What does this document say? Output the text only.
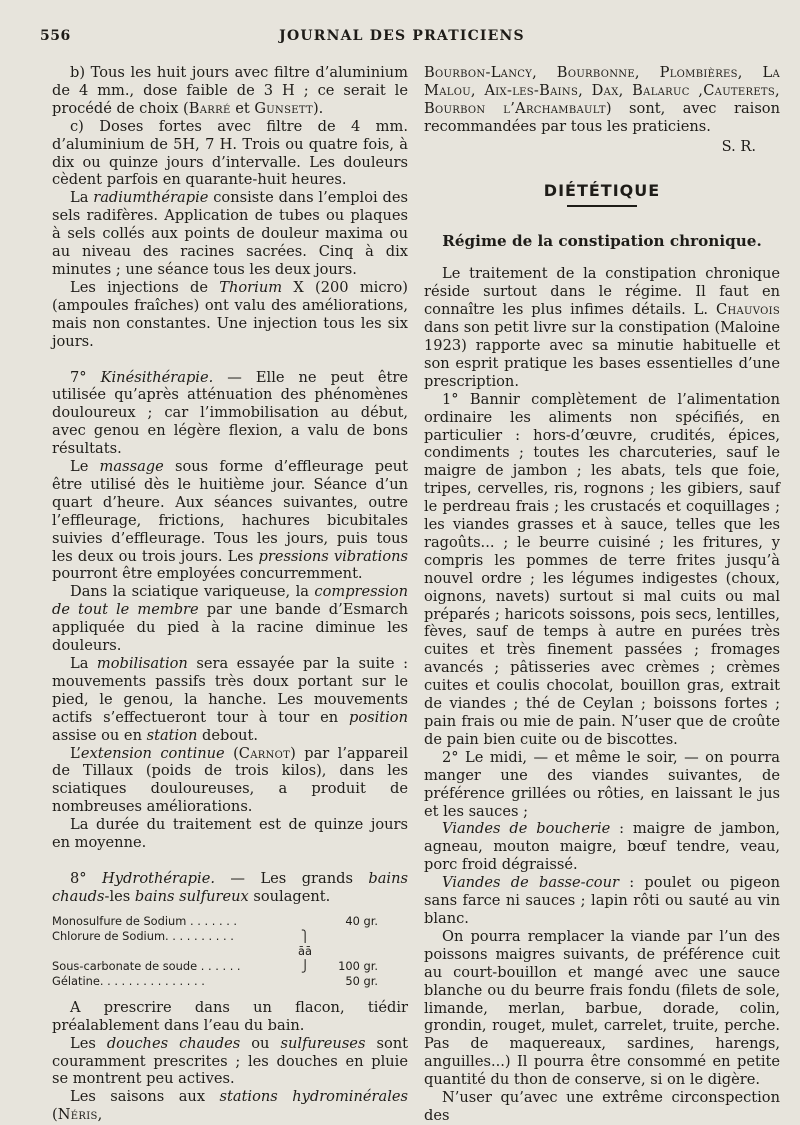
556	JOURNAL DES PRATICIENS

b) Tous les huit jours avec filtre d’aluminium de 4 mm., dose faible de 3 H ; ce serait le procédé de choix (Barré et Gunsett).

c) Doses fortes avec filtre de 4 mm. d’aluminium de 5H, 7 H. Trois ou quatre fois, à dix ou quinze jours d’intervalle. Les douleurs cèdent parfois en quarante-huit heures.

La radiumthérapie consiste dans l’emploi des sels radifères. Application de tubes ou plaques à sels collés aux points de douleur maxima ou au niveau des racines sacrées. Cinq à dix minutes ; une séance tous les deux jours.

Les injections de Thorium X (200 micro) (ampoules fraîches) ont valu des améliorations, mais non constantes. Une injection tous les six jours.

7° Kinésithérapie. — Elle ne peut être utilisée qu’après atténuation des phénomènes douloureux ; car l’immobilisation au début, avec genou en légère flexion, a valu de bons résultats.

Le massage sous forme d’effleurage peut être utilisé dès le huitième jour. Séance d’un quart d’heure. Aux séances suivantes, outre l’effleurage, frictions, hachures bicubitales suivies d’effleurage. Tous les jours, puis tous les deux ou trois jours. Les pressions vibrations pourront être employées concurremment.

Dans la sciatique variqueuse, la compression de tout le membre par une bande d’Esmarch appliquée du pied à la racine diminue les douleurs.

La mobilisation sera essayée par la suite : mouvements passifs très doux portant sur le pied, le genou, la hanche. Les mouvements actifs s’effectueront tour à tour en position assise ou en station debout.

L’extension continue (Carnot) par l’appareil de Tillaux (poids de trois kilos), dans les sciatiques douloureuses, a produit de nombreuses améliorations.

La durée du traitement est de quinze jours en moyenne.

8° Hydrothérapie. — Les grands bains chauds-les bains sulfureux soulagent.

Monosulfure de Sodium . . . . . . .	40 gr.
Chlorure de Sodium. . . . . . . . . .	⎫ āā
Sous-carbonate de soude . . . . . .	⎭	100 gr.
Gélatine. . . . . . . . . . . . . . .	50 gr.

A prescrire dans un flacon, tiédir préalablement dans l’eau du bain.

Les douches chaudes ou sulfureuses sont couramment prescrites ; les douches en pluie se montrent peu actives.

Les saisons aux stations hydrominérales (Néris,

Bourbon-Lancy, Bourbonne, Plombières, La Malou, Aix-les-Bains, Dax, Balaruc ,Cauterets, Bourbon l’Archambault) sont, avec raison recommandées par tous les praticiens.

S. R.
DIÉTÉTIQUE
Régime de la constipation chronique.

Le traitement de la constipation chronique réside surtout dans le régime. Il faut en connaître les plus infimes détails. L. Chauvois dans son petit livre sur la constipation (Maloine 1923) rapporte avec sa minutie habituelle et son esprit pratique les bases essentielles d’une prescription.

1° Bannir complètement de l’alimentation ordinaire les aliments non spécifiés, en particulier : hors-d’œuvre, crudités, épices, condiments ; toutes les charcuteries, sauf le maigre de jambon ; les abats, tels que foie, tripes, cervelles, ris, rognons ; les gibiers, sauf le perdreau frais ; les crustacés et coquillages ; les viandes grasses et à sauce, telles que les ragoûts... ; le beurre cuisiné ; les fritures, y compris les pommes de terre frites jusqu’à nouvel ordre ; les légumes indigestes (choux, oignons, navets) surtout si mal cuits ou mal préparés ; haricots soissons, pois secs, lentilles, fèves, sauf de temps à autre en purées très cuites et très finement passées ; fromages avancés ; pâtisseries avec crèmes ; crèmes cuites et coulis chocolat, bouillon gras, extrait de viandes ; thé de Ceylan ; boissons fortes ; pain frais ou mie de pain. N’user que de croûte de pain bien cuite ou de biscottes.

2° Le midi, — et même le soir, — on pourra manger une des viandes suivantes, de préférence grillées ou rôties, en laissant le jus et les sauces ;

Viandes de boucherie : maigre de jambon, agneau, mouton maigre, bœuf tendre, veau, porc froid dégraissé.

Viandes de basse-cour : poulet ou pigeon sans farce ni sauces ; lapin rôti ou sauté au vin blanc.

On pourra remplacer la viande par l’un des poissons maigres suivants, de préférence cuit au court-bouillon et mangé avec une sauce blanche ou du beurre frais fondu (filets de sole, limande, merlan, barbue, dorade, colin, grondin, rouget, mulet, carrelet, truite, perche. Pas de maquereaux, sardines, harengs, anguilles...) Il pourra être consommé en petite quantité du thon de conserve, si on le digère.

N’user qu’avec une extrême circonspection des
